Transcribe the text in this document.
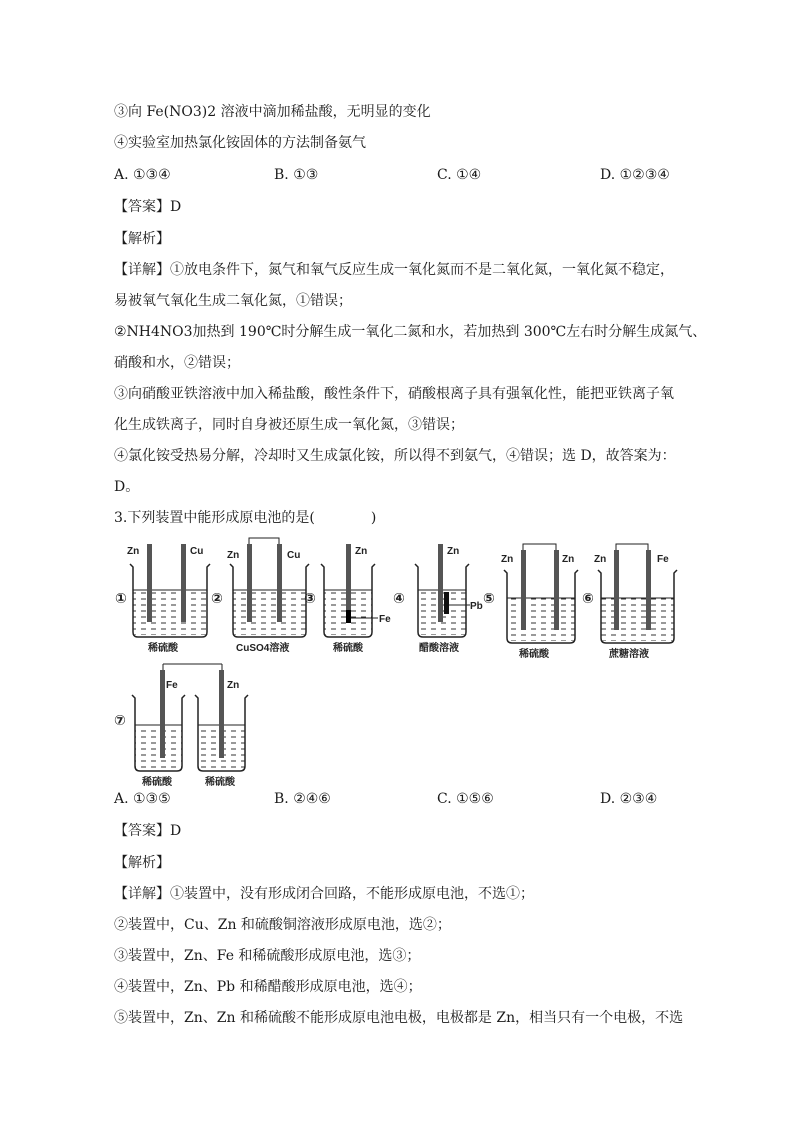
③向 Fe(NO3)2 溶液中滴加稀盐酸，无明显的变化
④实验室加热氯化铵固体的方法制备氨气
A. ①③④	B. ①③	C. ①④	D. ①②③④
【答案】D
【解析】
【详解】①放电条件下，氮气和氧气反应生成一氧化氮而不是二氧化氮，一氧化氮不稳定，
易被氧气氧化生成二氧化氮，①错误；
②NH4NO3加热到 190℃时分解生成一氧化二氮和水，若加热到 300℃左右时分解生成氮气、
硝酸和水，②错误；
③向硝酸亚铁溶液中加入稀盐酸，酸性条件下，硝酸根离子具有强氧化性，能把亚铁离子氧
化生成铁离子，同时自身被还原生成一氧化氮，③错误；
④氯化铵受热易分解，冷却时又生成氯化铵，所以得不到氨气，④错误；选 D，故答案为：
D。
3.下列装置中能形成原电池的是(　　　　)
①
Zn	Cu
稀硫酸
②
Zn	Cu
CuSO4溶液
③
Zn
Fe
稀硫酸
④
Zn
Pb
醋酸溶液
⑤
Zn	Zn
稀硫酸
⑥
Zn	Fe
蔗糖溶液
⑦
Fe
稀硫酸
Zn
稀硫酸
A. ①③⑤	B. ②④⑥	C. ①⑤⑥	D. ②③④
【答案】D
【解析】
【详解】①装置中，没有形成闭合回路，不能形成原电池，不选①；
②装置中，Cu、Zn 和硫酸铜溶液形成原电池，选②；
③装置中，Zn、Fe 和稀硫酸形成原电池，选③；
④装置中，Zn、Pb 和稀醋酸形成原电池，选④；
⑤装置中，Zn、Zn 和稀硫酸不能形成原电池电极，电极都是 Zn，相当只有一个电极，不选
